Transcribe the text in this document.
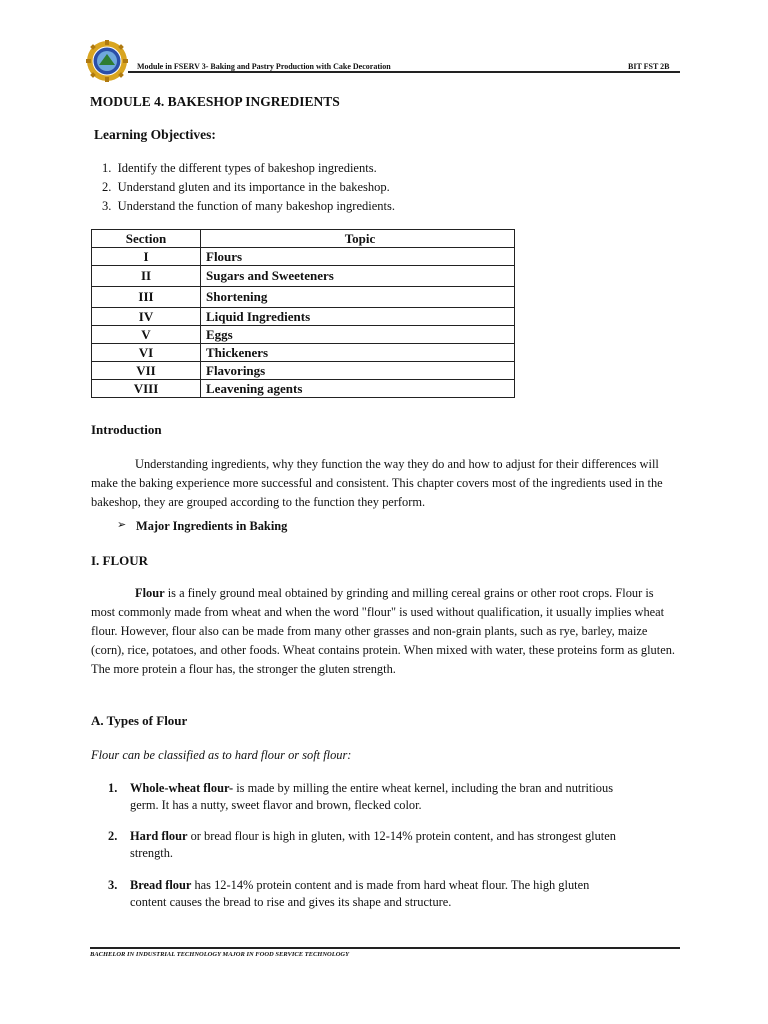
Module in FSERV 3- Baking and Pastry Production with Cake Decoration	BIT FST 2B
MODULE 4. BAKESHOP INGREDIENTS
Learning Objectives:
1.  Identify the different types of bakeshop ingredients.
2.  Understand gluten and its importance in the bakeshop.
3.  Understand the function of many bakeshop ingredients.
Section	Topic
I	Flours
II	Sugars and Sweeteners
III	Shortening
IV	Liquid Ingredients
V	Eggs
VI	Thickeners
VII	Flavorings
VIII	Leavening agents
Introduction
Understanding ingredients, why they function the way they do and how to adjust for their differences will make the baking experience more successful and consistent. This chapter covers most of the ingredients used in the bakeshop, they are grouped according to the function they perform.
➢ Major Ingredients in Baking
I. FLOUR
Flour is a finely ground meal obtained by grinding and milling cereal grains or other root crops. Flour is most commonly made from wheat and when the word "flour" is used without qualification, it usually implies wheat flour. However, flour also can be made from many other grasses and non-grain plants, such as rye, barley, maize (corn), rice, potatoes, and other foods. Wheat contains protein. When mixed with water, these proteins form as gluten. The more protein a flour has, the stronger the gluten strength.
A. Types of Flour
Flour can be classified as to hard flour or soft flour:
1. Whole-wheat flour- is made by milling the entire wheat kernel, including the bran and nutritious
germ. It has a nutty, sweet flavor and brown, flecked color.
2. Hard flour or bread flour is high in gluten, with 12-14% protein content, and has strongest gluten
strength.
3. Bread flour has 12-14% protein content and is made from hard wheat flour. The high gluten
content causes the bread to rise and gives its shape and structure.
BACHELOR IN INDUSTRIAL TECHNOLOGY MAJOR IN FOOD SERVICE TECHNOLOGY
